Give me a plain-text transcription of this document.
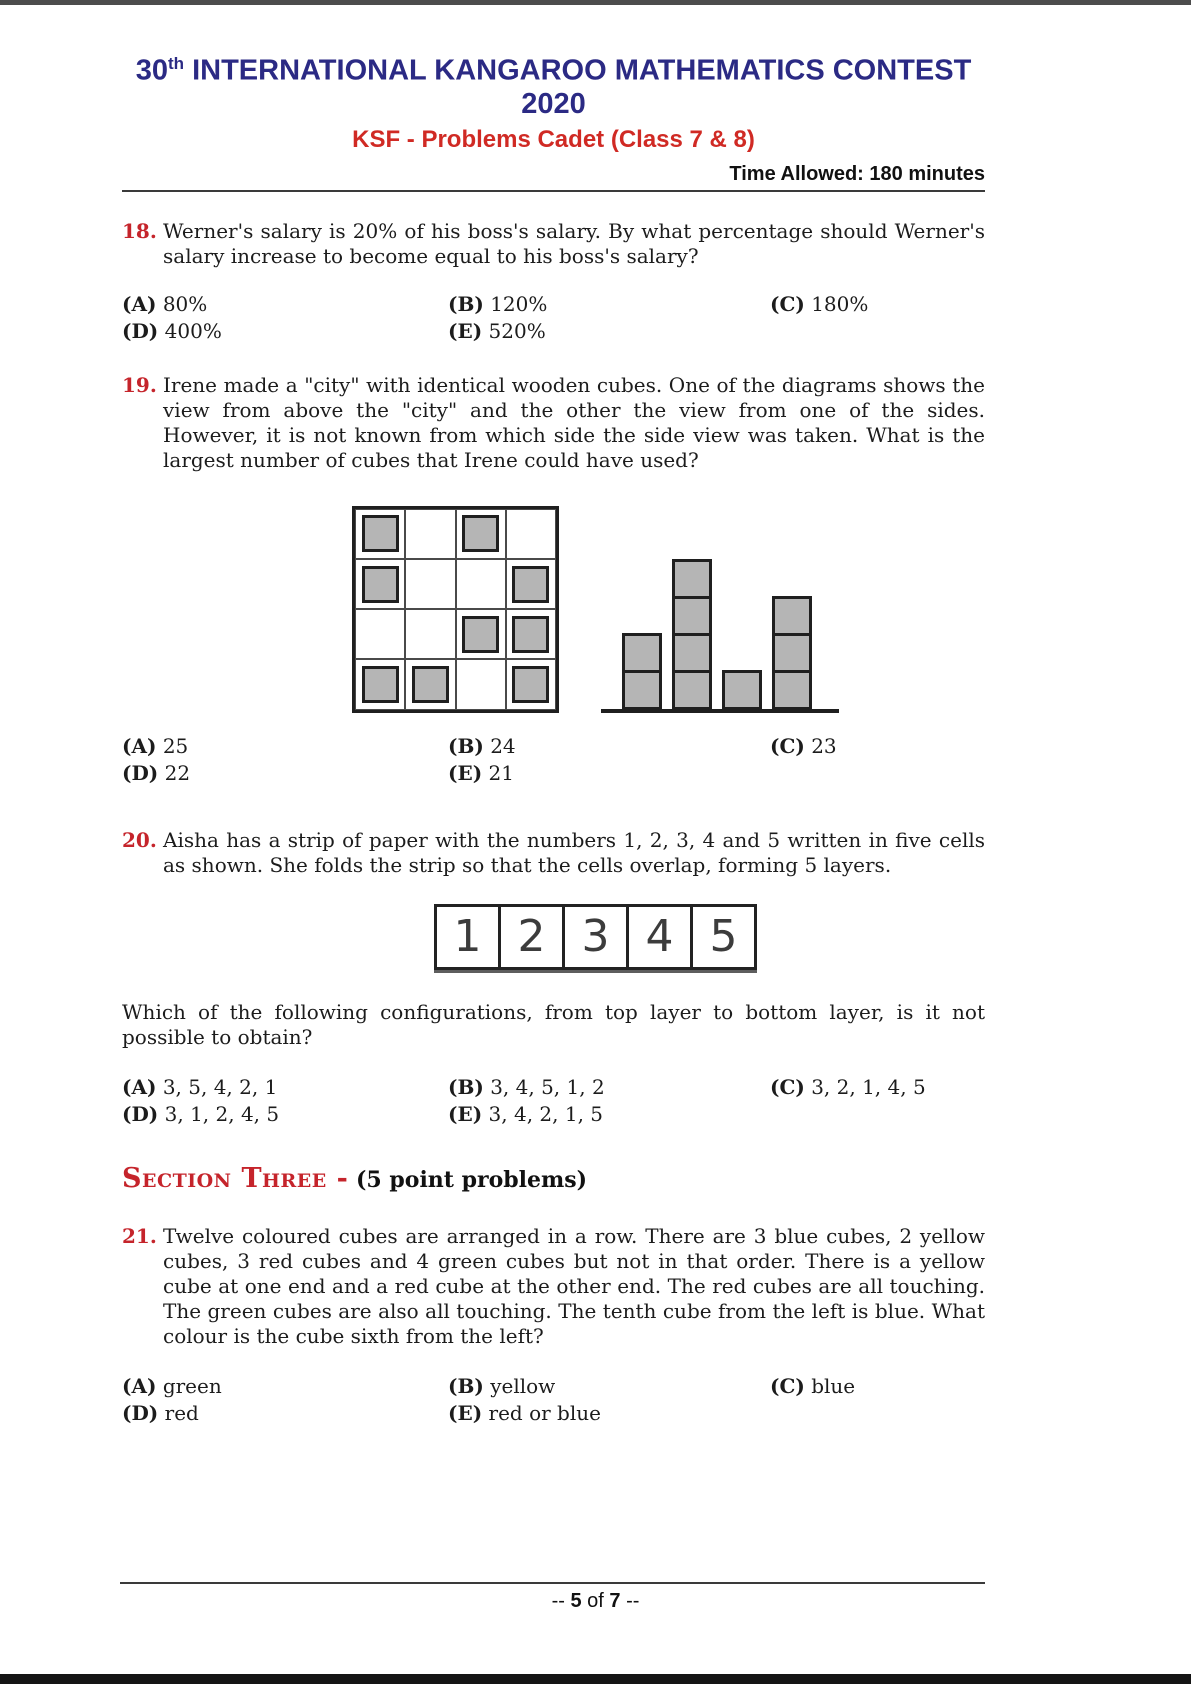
30th INTERNATIONAL KANGAROO MATHEMATICS CONTEST 2020
KSF - Problems Cadet (Class 7 & 8)
Time Allowed: 180 minutes
18. Werner's salary is 20% of his boss's salary. By what percentage should Werner's salary increase to become equal to his boss's salary?
(A) 80%	(B) 120%	(C) 180%
(D) 400%	(E) 520%
19. Irene made a "city" with identical wooden cubes. One of the diagrams shows the view from above the "city" and the other the view from one of the sides. However, it is not known from which side the side view was taken. What is the largest number of cubes that Irene could have used?
(A) 25	(B) 24	(C) 23
(D) 22	(E) 21
20. Aisha has a strip of paper with the numbers 1, 2, 3, 4 and 5 written in five cells as shown. She folds the strip so that the cells overlap, forming 5 layers.
1 2 3 4 5
Which of the following configurations, from top layer to bottom layer, is it not possible to obtain?
(A) 3, 5, 4, 2, 1	(B) 3, 4, 5, 1, 2	(C) 3, 2, 1, 4, 5
(D) 3, 1, 2, 4, 5	(E) 3, 4, 2, 1, 5
Section Three - (5 point problems)
21. Twelve coloured cubes are arranged in a row. There are 3 blue cubes, 2 yellow cubes, 3 red cubes and 4 green cubes but not in that order. There is a yellow cube at one end and a red cube at the other end. The red cubes are all touching. The green cubes are also all touching. The tenth cube from the left is blue. What colour is the cube sixth from the left?
(A) green	(B) yellow	(C) blue
(D) red	(E) red or blue
-- 5 of 7 --
